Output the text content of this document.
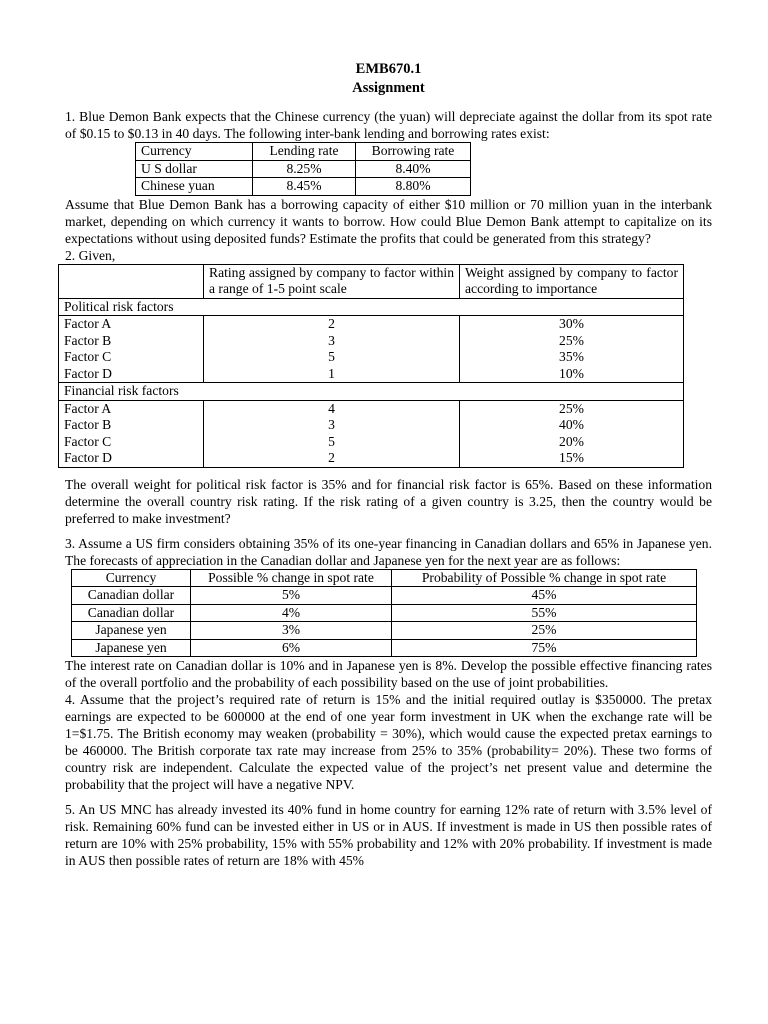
EMB670.1
Assignment

1. Blue Demon Bank expects that the Chinese currency (the yuan) will depreciate against the dollar from its spot rate of $0.15 to $0.13 in 40 days. The following inter-bank lending and borrowing rates exist:

Currency	Lending rate	Borrowing rate
U S dollar	8.25%	8.40%
Chinese yuan	8.45%	8.80%

Assume that Blue Demon Bank has a borrowing capacity of either $10 million or 70 million yuan in the interbank market, depending on which currency it wants to borrow. How could Blue Demon Bank attempt to capitalize on its expectations without using deposited funds? Estimate the profits that could be generated from this strategy?

2. Given,

	Rating assigned by company to factor within a range of 1-5 point scale	Weight assigned by company to factor according to importance
Political risk factors		
Factor A	2	30%
Factor B	3	25%
Factor C	5	35%
Factor D	1	10%
Financial risk factors		
Factor A	4	25%
Factor B	3	40%
Factor C	5	20%
Factor D	2	15%

The overall weight for political risk factor is 35% and for financial risk factor is 65%. Based on these information determine the overall country risk rating. If the risk rating of a given country is 3.25, then the country would be preferred to make investment?

3. Assume a US firm considers obtaining 35% of its one-year financing in Canadian dollars and 65% in Japanese yen. The forecasts of appreciation in the Canadian dollar and Japanese yen for the next year are as follows:

Currency	Possible % change in spot rate	Probability of Possible % change in spot rate
Canadian dollar	5%	45%
Canadian dollar	4%	55%
Japanese yen	3%	25%
Japanese yen	6%	75%

The interest rate on Canadian dollar is 10% and in Japanese yen is 8%. Develop the possible effective financing rates of the overall portfolio and the probability of each possibility based on the use of joint probabilities.

4. Assume that the project’s required rate of return is 15% and the initial required outlay is $350000. The pretax earnings are expected to be 600000 at the end of one year form investment in UK when the exchange rate will be 1=$1.75. The British economy may weaken (probability = 30%), which would cause the expected pretax earnings to be 460000. The British corporate tax rate may increase from 25% to 35% (probability= 20%). These two forms of country risk are independent. Calculate the expected value of the project’s net present value and determine the probability that the project will have a negative NPV.

5. An US MNC has already invested its 40% fund in home country for earning 12% rate of return with 3.5% level of risk. Remaining 60% fund can be invested either in US or in AUS. If investment is made in US then possible rates of return are 10% with 25% probability, 15% with 55% probability and 12% with 20% probability. If investment is made in AUS then possible rates of return are 18% with 45%
